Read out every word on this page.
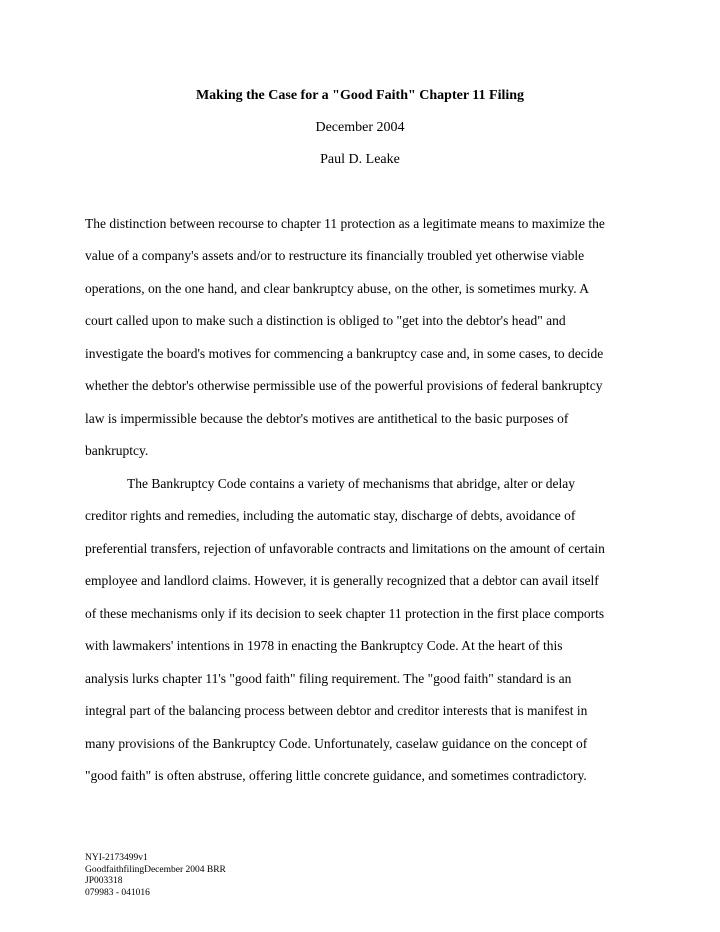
Making the Case for a "Good Faith" Chapter 11 Filing
December 2004
Paul D. Leake
The distinction between recourse to chapter 11 protection as a legitimate means to maximize the
value of a company's assets and/or to restructure its financially troubled yet otherwise viable
operations, on the one hand, and clear bankruptcy abuse, on the other, is sometimes murky. A
court called upon to make such a distinction is obliged to "get into the debtor's head" and
investigate the board's motives for commencing a bankruptcy case and, in some cases, to decide
whether the debtor's otherwise permissible use of the powerful provisions of federal bankruptcy
law is impermissible because the debtor's motives are antithetical to the basic purposes of
bankruptcy.
The Bankruptcy Code contains a variety of mechanisms that abridge, alter or delay
creditor rights and remedies, including the automatic stay, discharge of debts, avoidance of
preferential transfers, rejection of unfavorable contracts and limitations on the amount of certain
employee and landlord claims. However, it is generally recognized that a debtor can avail itself
of these mechanisms only if its decision to seek chapter 11 protection in the first place comports
with lawmakers' intentions in 1978 in enacting the Bankruptcy Code. At the heart of this
analysis lurks chapter 11's "good faith" filing requirement. The "good faith" standard is an
integral part of the balancing process between debtor and creditor interests that is manifest in
many provisions of the Bankruptcy Code. Unfortunately, caselaw guidance on the concept of
"good faith" is often abstruse, offering little concrete guidance, and sometimes contradictory.
NYI-2173499v1
GoodfaithfilingDecember 2004 BRR
JP003318
079983 - 041016
